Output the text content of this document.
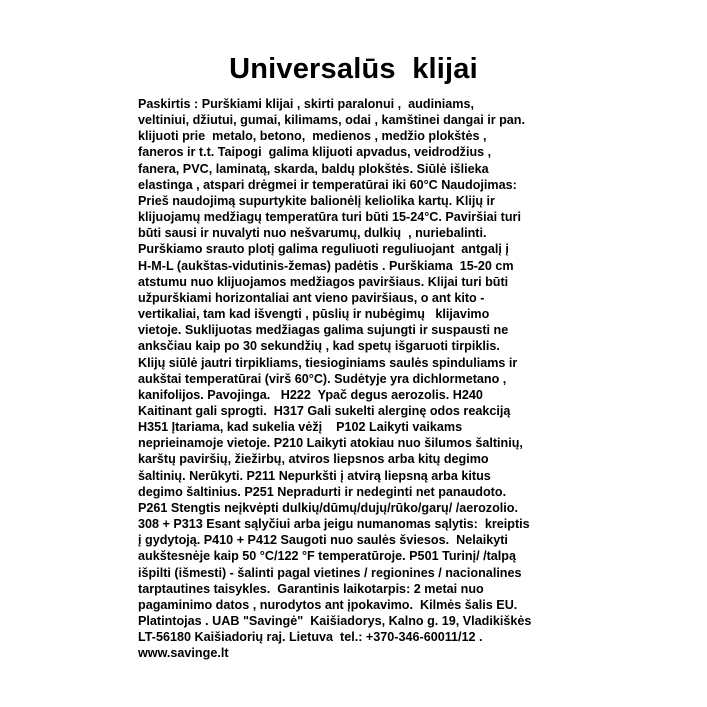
Universalūs  klijai
Paskirtis : Purškiami klijai , skirti paralonui ,  audiniams,
veltiniui, džiutui, gumai, kilimams, odai , kamštinei dangai ir pan.
klijuoti prie  metalo, betono,  medienos , medžio plokštės ,
faneros ir t.t. Taipogi  galima klijuoti apvadus, veidrodžius ,
fanera, PVC, laminatą, skarda, baldų plokštės. Siūlė išlieka
elastinga , atspari drėgmei ir temperatūrai iki 60°C Naudojimas:
Prieš naudojimą supurtykite balionėlį keliolika kartų. Klijų ir
klijuojamų medžiagų temperatūra turi būti 15-24°C. Paviršiai turi
būti sausi ir nuvalyti nuo nešvarumų, dulkių  , nuriebalinti.
Purškiamo srauto plotį galima reguliuoti reguliuojant  antgalį į
H-M-L (aukštas-vidutinis-žemas) padėtis . Purškiama  15-20 cm
atstumu nuo klijuojamos medžiagos paviršiaus. Klijai turi būti
užpurškiami horizontaliai ant vieno paviršiaus, o ant kito -
vertikaliai, tam kad išvengti , pūslių ir nubėgimų   klijavimo
vietoje. Suklijuotas medžiagas galima sujungti ir suspausti ne
anksčiau kaip po 30 sekundžių , kad spetų išgaruoti tirpiklis.
Klijų siūlė jautri tirpikliams, tiesioginiams saulės spinduliams ir
aukštai temperatūrai (virš 60°C). Sudėtyje yra dichlormetano ,
kanifolijos. Pavojinga.   H222  Ypač degus aerozolis. H240
Kaitinant gali sprogti.  H317 Gali sukelti alerginę odos reakciją
H351 Įtariama, kad sukelia vėžį    P102 Laikyti vaikams
neprieinamoje vietoje. P210 Laikyti atokiau nuo šilumos šaltinių,
karštų paviršių, žiežirbų, atviros liepsnos arba kitų degimo
šaltinių. Nerūkyti. P211 Nepurkšti į atvirą liepsną arba kitus
degimo šaltinius. P251 Nepradurti ir nedeginti net panaudoto.
P261 Stengtis neįkvėpti dulkių/dūmų/dujų/rūko/garų/ /aerozolio.
308 + P313 Esant sąlyčiui arba jeigu numanomas sąlytis:  kreiptis
į gydytoją. P410 + P412 Saugoti nuo saulės šviesos.  Nelaikyti
aukštesnėje kaip 50 °C/122 °F temperatūroje. P501 Turinį/ /talpą
išpilti (išmesti) - šalinti pagal vietines / regionines / nacionalines
tarptautines taisykles.  Garantinis laikotarpis: 2 metai nuo
pagaminimo datos , nurodytos ant įpokavimo.  Kilmės šalis EU.
Platintojas . UAB "Savingė"  Kaišiadorys, Kalno g. 19, Vladikiškės
LT-56180 Kaišiadorių raj. Lietuva  tel.: +370-346-60011/12 .
www.savinge.lt
